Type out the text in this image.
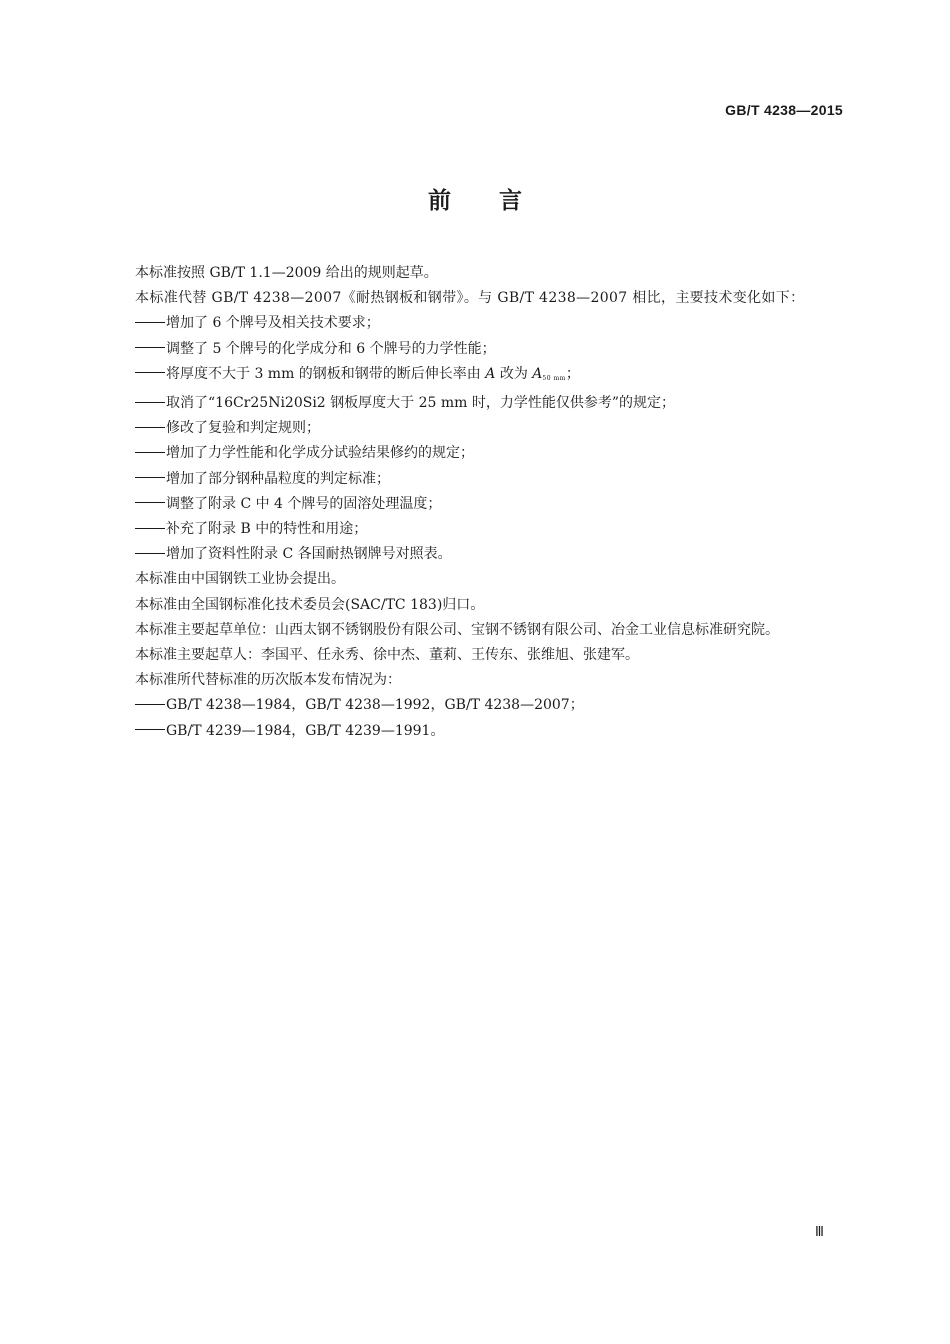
GB/T 4238—2015
前言

本标准按照 GB/T 1.1—2009 给出的规则起草。

本标准代替 GB/T 4238—2007《耐热钢板和钢带》。与 GB/T 4238—2007 相比，主要技术变化如下：

增加了 6 个牌号及相关技术要求；

调整了 5 个牌号的化学成分和 6 个牌号的力学性能；

将厚度不大于 3 mm 的钢板和钢带的断后伸长率由 A 改为 $A_{50 mm}$；

取消了“16Cr25Ni20Si2 钢板厚度大于 25 mm 时，力学性能仅供参考”的规定；

修改了复验和判定规则；

增加了力学性能和化学成分试验结果修约的规定；

增加了部分钢种晶粒度的判定标准；

调整了附录 C 中 4 个牌号的固溶处理温度；

补充了附录 B 中的特性和用途；

增加了资料性附录 C 各国耐热钢牌号对照表。

本标准由中国钢铁工业协会提出。

本标准由全国钢标准化技术委员会(SAC/TC 183)归口。

本标准主要起草单位：山西太钢不锈钢股份有限公司、宝钢不锈钢有限公司、冶金工业信息标准研究院。

本标准主要起草人：李国平、任永秀、徐中杰、董莉、王传东、张维旭、张建军。

本标准所代替标准的历次版本发布情况为：

GB/T 4238—1984，GB/T 4238—1992，GB/T 4238—2007；

GB/T 4239—1984，GB/T 4239—1991。

Ⅲ
